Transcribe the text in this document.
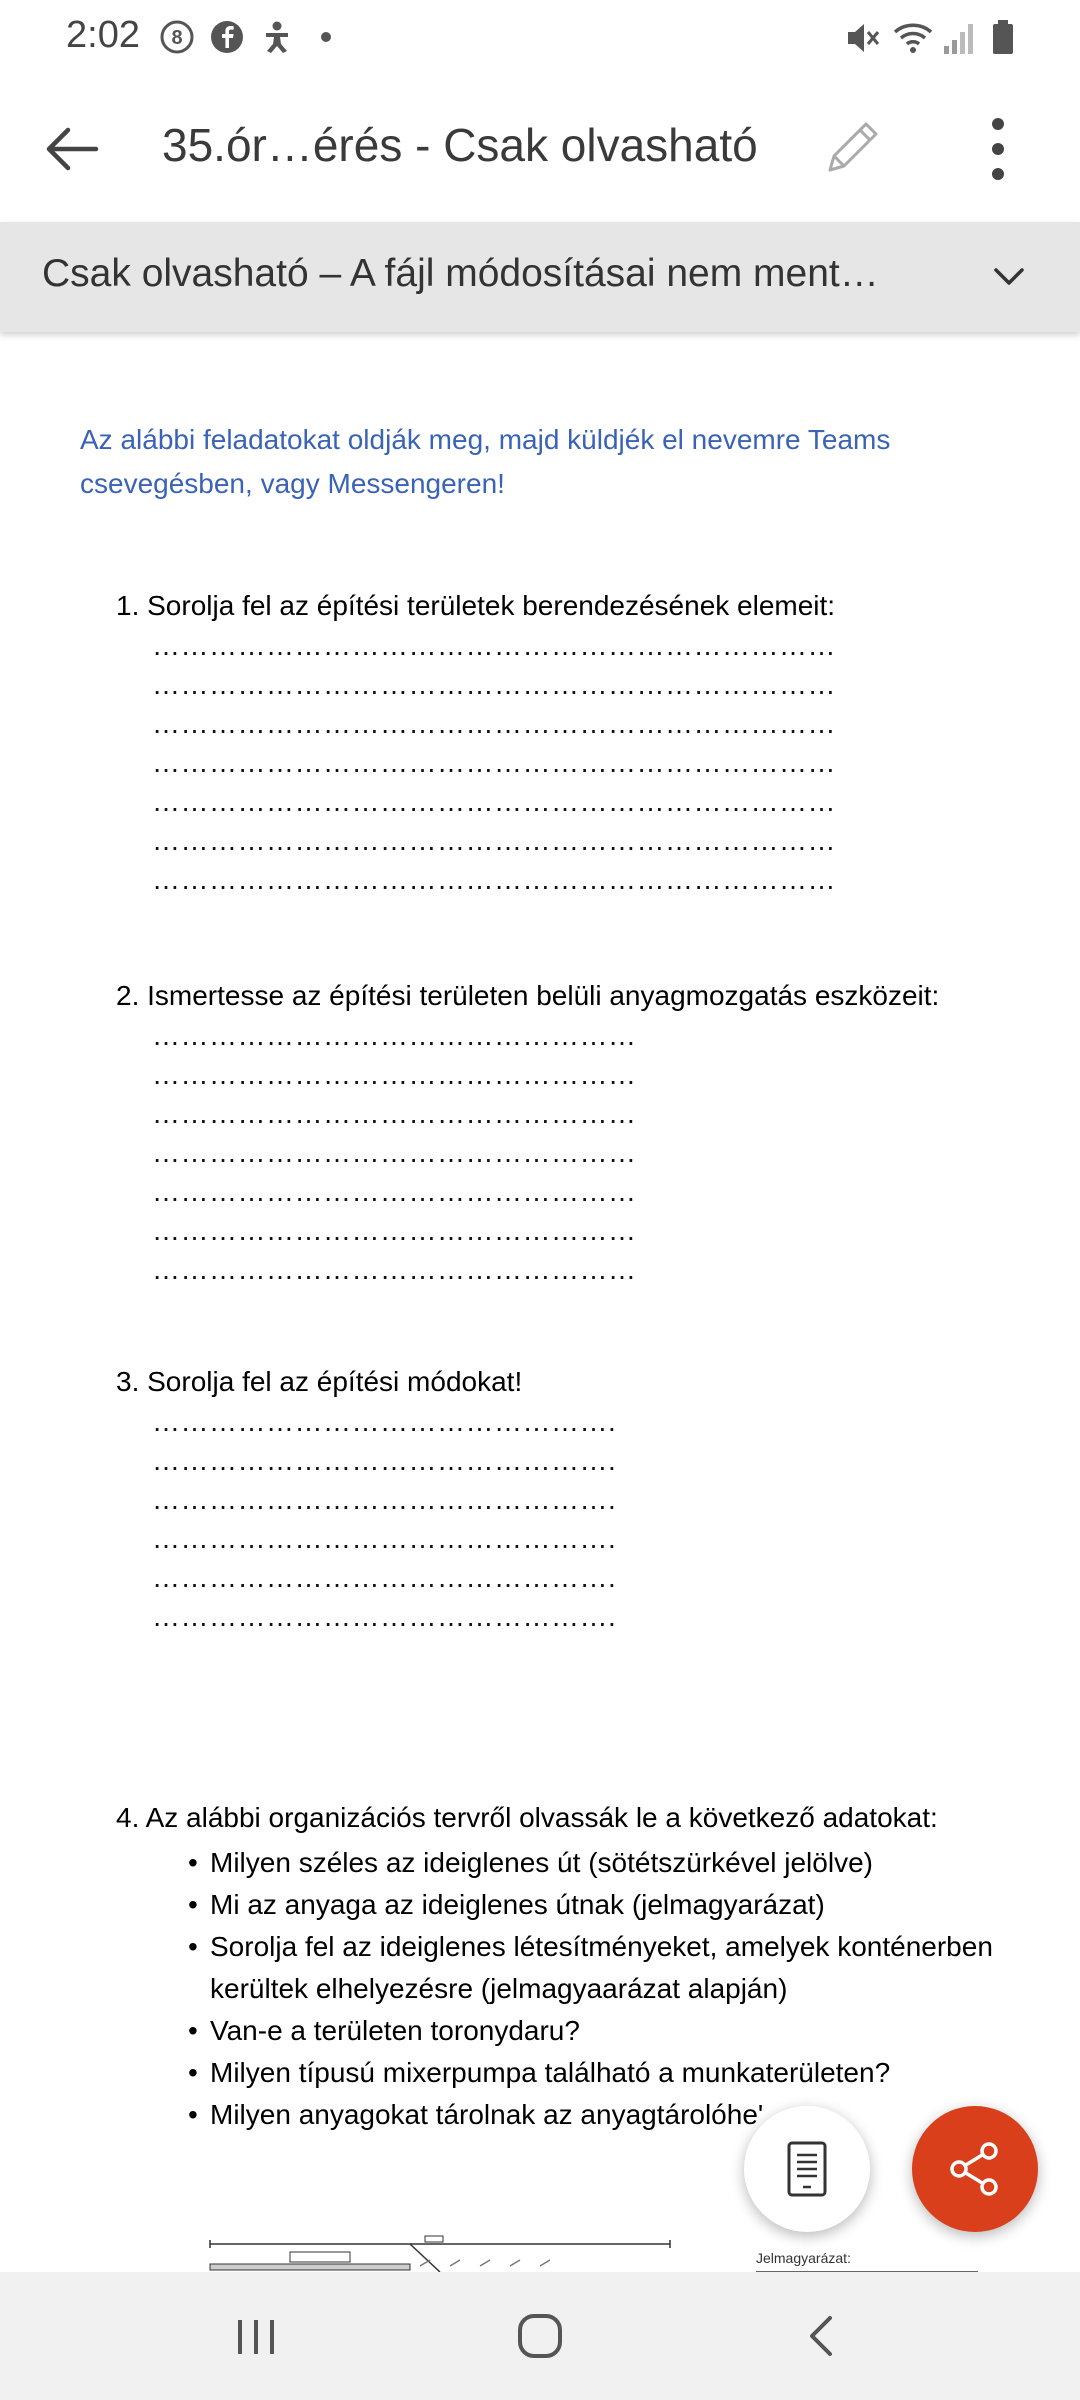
2:02 8
35.ór…érés - Csak olvasható
Csak olvasható – A fájl módosításai nem ment…
Az alábbi feladatokat oldják meg, majd küldjék el nevemre Teams csevegésben, vagy Messengeren!
1. Sorolja fel az építési területek berendezésének elemeit:
………………………………………………………………
………………………………………………………………
………………………………………………………………
………………………………………………………………
………………………………………………………………
………………………………………………………………
………………………………………………………………
2. Ismertesse az építési területen belüli anyagmozgatás eszközeit:
……………………………………………
……………………………………………
……………………………………………
……………………………………………
……………………………………………
……………………………………………
……………………………………………
3. Sorolja fel az építési módokat!
………………………………………….
………………………………………….
………………………………………….
………………………………………….
………………………………………….
………………………………………….
4. Az alábbi organizációs tervről olvassák le a következő adatokat:
• Milyen széles az ideiglenes út (sötétszürkével jelölve)
• Mi az anyaga az ideiglenes útnak (jelmagyarázat)
• Sorolja fel az ideiglenes létesítményeket, amelyek konténerben kerültek elhelyezésre (jelmagyaarázat alapján)
• Van-e a területen toronydaru?
• Milyen típusú mixerpumpa található a munkaterületen?
• Milyen anyagokat tárolnak az anyagtárolóhe'
Jelmagyarázat:
